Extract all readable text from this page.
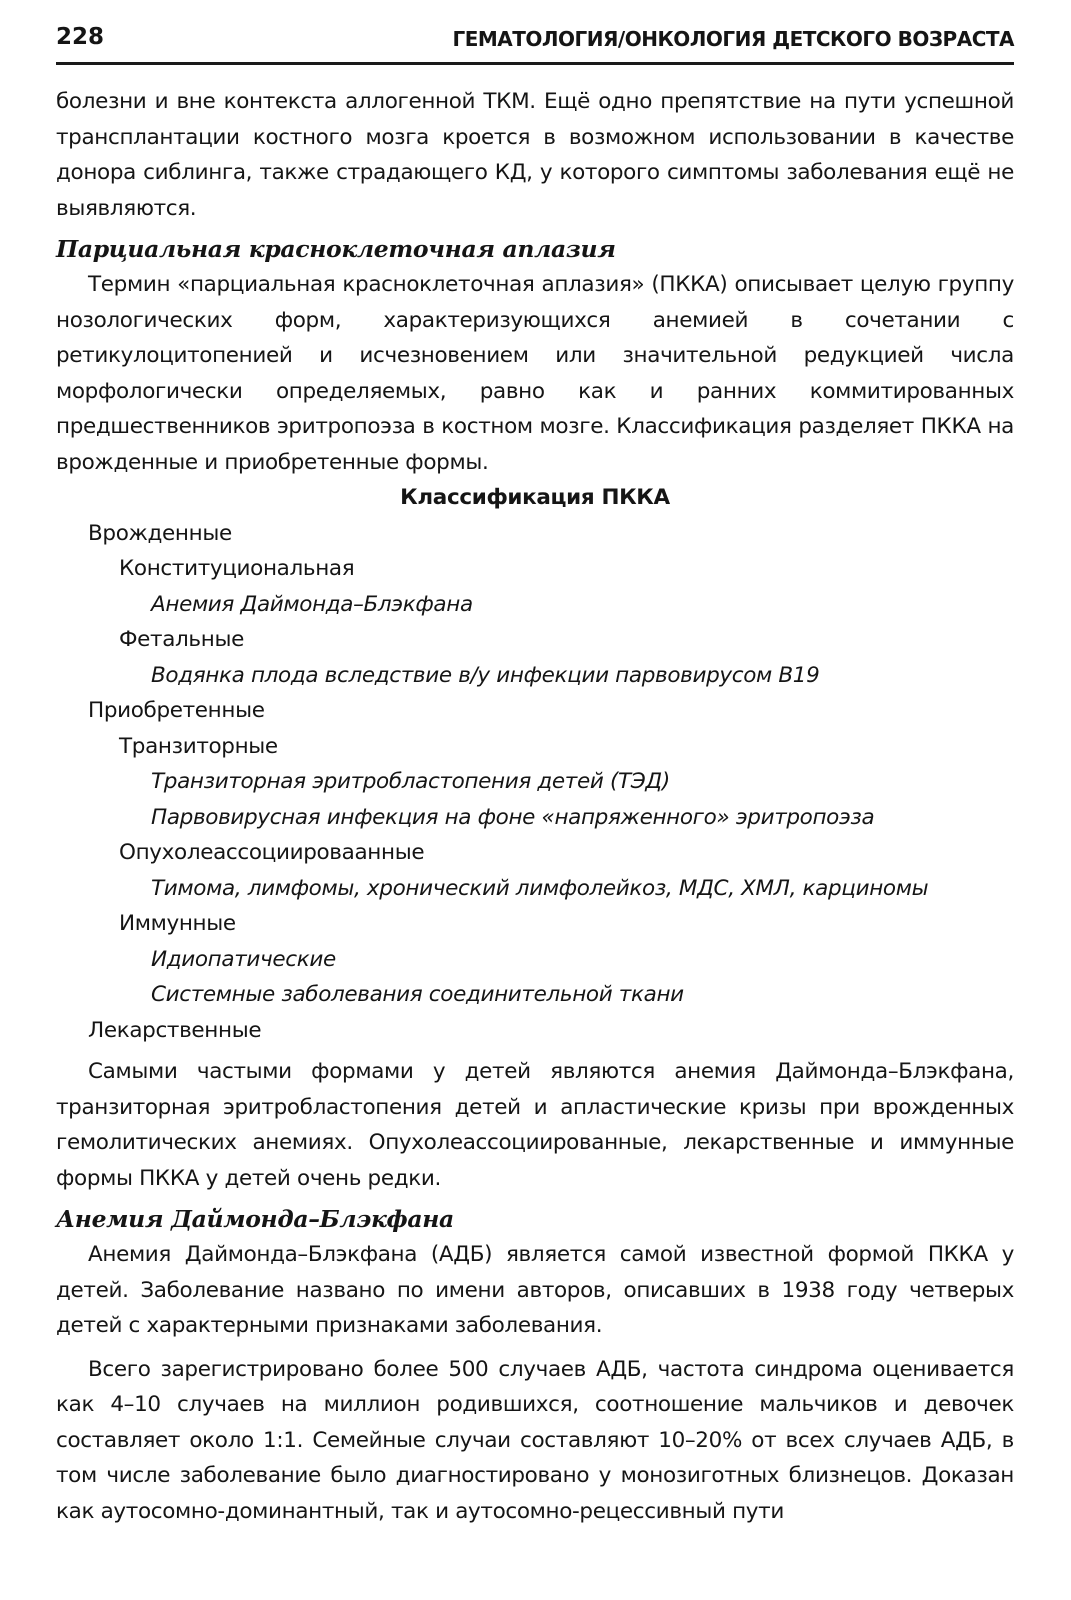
228	ГЕМАТОЛОГИЯ/ОНКОЛОГИЯ ДЕТСКОГО ВОЗРАСТА

болезни и вне контекста аллогенной ТКМ. Ещё одно препятствие на пути успешной трансплантации костного мозга кроется в возможном использовании в качестве донора сиблинга, также страдающего КД, у которого симптомы заболевания ещё не выявляются.

Парциальная красноклеточная аплазия

Термин «парциальная красноклеточная аплазия» (ПККА) описывает целую группу нозологических форм, характеризующихся анемией в сочетании с ретикулоцитопенией и исчезновением или значительной редукцией числа морфологически определяемых, равно как и ранних коммитированных предшественников эритропоэза в костном мозге. Классификация разделяет ПККА на врожденные и приобретенные формы.

Классификация ПККА

Врожденные
Конституциональная
Анемия Даймонда–Блэкфана
Фетальные
Водянка плода вследствие в/у инфекции парвовирусом B19
Приобретенные
Транзиторные
Транзиторная эритробластопения детей (ТЭД)
Парвовирусная инфекция на фоне «напряженного» эритропоэза
Опухолеассоциироваанные
Тимома, лимфомы, хронический лимфолейкоз, МДС, ХМЛ, карциномы
Иммунные
Идиопатические
Системные заболевания соединительной ткани
Лекарственные

Самыми частыми формами у детей являются анемия Даймонда–Блэкфана, транзиторная эритробластопения детей и апластические кризы при врожденных гемолитических анемиях. Опухолеассоциированные, лекарственные и иммунные формы ПККА у детей очень редки.

Анемия Даймонда–Блэкфана

Анемия Даймонда–Блэкфана (АДБ) является самой известной формой ПККА у детей. Заболевание названо по имени авторов, описавших в 1938 году четверых детей с характерными признаками заболевания.

Всего зарегистрировано более 500 случаев АДБ, частота синдрома оценивается как 4–10 случаев на миллион родившихся, соотношение мальчиков и девочек составляет около 1:1. Семейные случаи составляют 10–20% от всех случаев АДБ, в том числе заболевание было диагностировано у монозиготных близнецов. Доказан как аутосомно-доминантный, так и аутосомно-рецессивный пути
